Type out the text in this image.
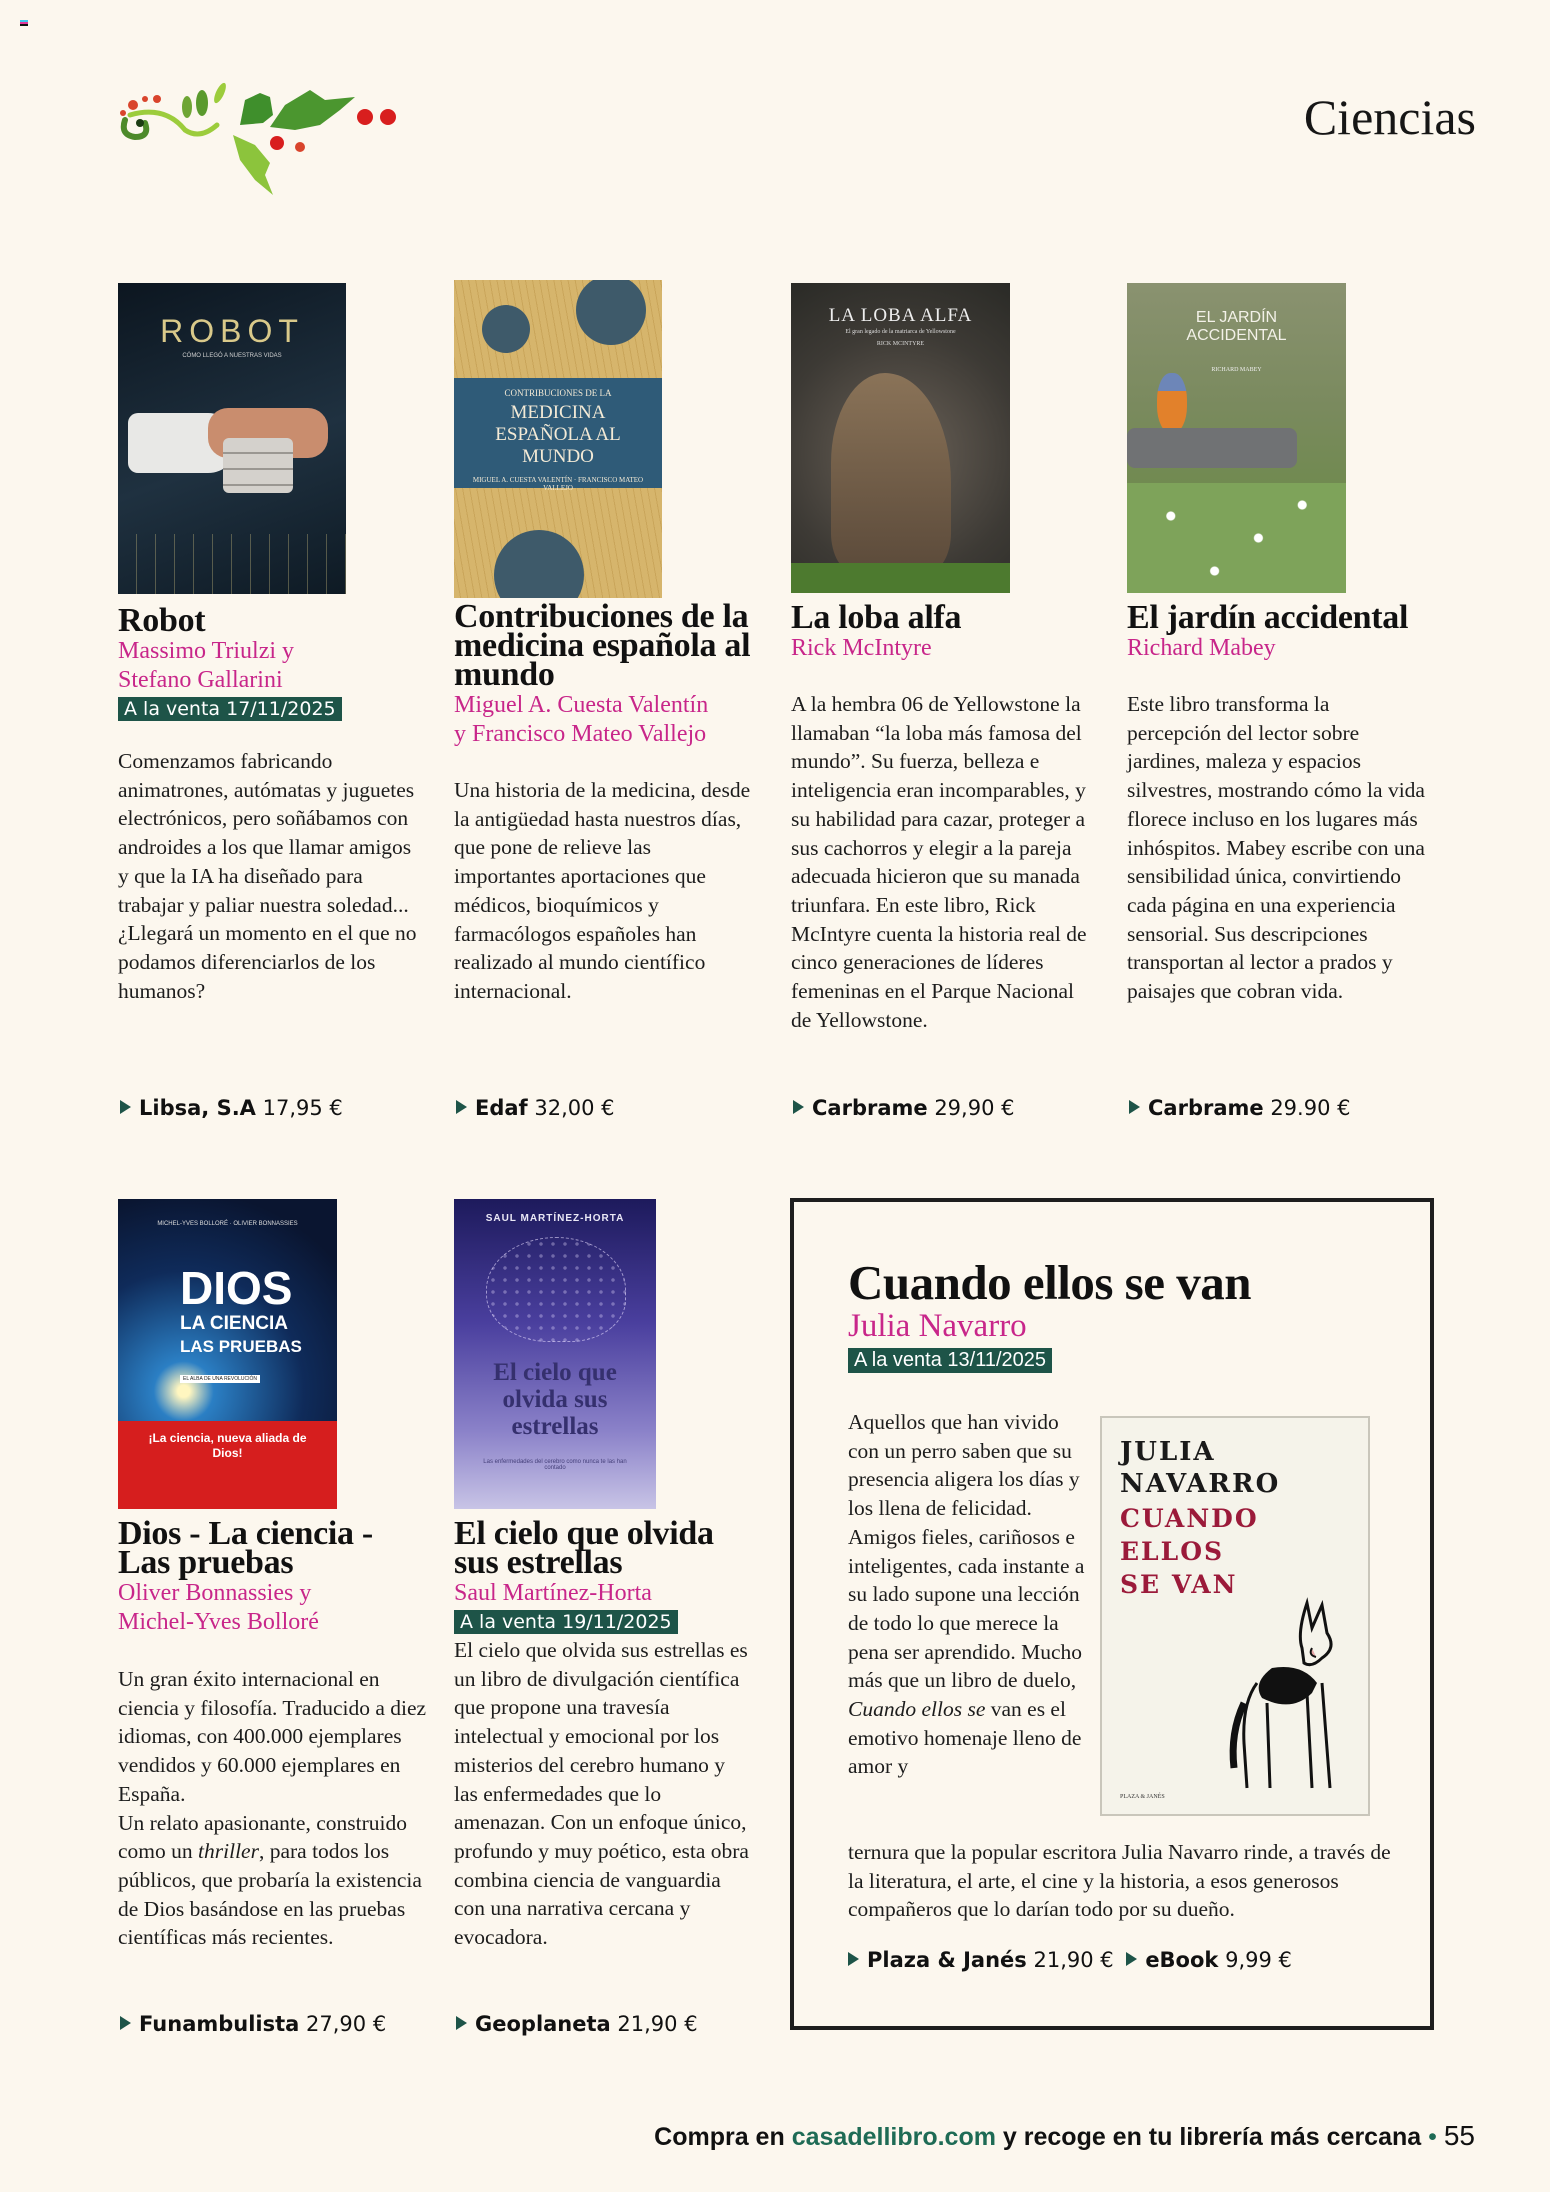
Ciencias
ROBOT
CÓMO LLEGÓ A NUESTRAS VIDAS
Robot
Massimo Triulzi y
Stefano Gallarini
A la venta 17/11/2025
Comenzamos fabricando animatrones, autómatas y juguetes electrónicos, pero soñábamos con androides a los que llamar amigos y que la IA ha diseñado para trabajar y paliar nuestra soledad... ¿Llegará un momento en el que no podamos diferenciarlos de los humanos?
Libsa, S.A 17,95 €
CONTRIBUCIONES DE LA
MEDICINA ESPAÑOLA AL MUNDO
MIGUEL A. CUESTA VALENTÍN · FRANCISCO MATEO VALLEJO
Contribuciones de la medicina española al mundo
Miguel A. Cuesta Valentín
y Francisco Mateo Vallejo
Una historia de la medicina, desde la antigüedad hasta nuestros días, que pone de relieve las importantes aportaciones que médicos, bioquímicos y farmacólogos españoles han realizado al mundo científico internacional.
Edaf 32,00 €
LA LOBA ALFA
El gran legado de la matriarca de Yellowstone
RICK MCINTYRE
La loba alfa
Rick McIntyre
A la hembra 06 de Yellowstone la llamaban “la loba más famosa del mundo”. Su fuerza, belleza e inteligencia eran incomparables, y su habilidad para cazar, proteger a sus cachorros y elegir a la pareja adecuada hicieron que su manada triunfara. En este libro, Rick McIntyre cuenta la historia real de cinco generaciones de líderes femeninas en el Parque Nacional de Yellowstone.
Carbrame 29,90 €
EL JARDÍN ACCIDENTAL
RICHARD MABEY
El jardín accidental
Richard Mabey
Este libro transforma la percepción del lector sobre jardines, maleza y espacios silvestres, mostrando cómo la vida florece incluso en los lugares más inhóspitos. Mabey escribe con una sensibilidad única, convirtiendo cada página en una experiencia sensorial. Sus descripciones transportan al lector a prados y paisajes que cobran vida.
Carbrame 29.90 €
MICHEL-YVES BOLLORÉ · OLIVIER BONNASSIES
DIOS
LA CIENCIA
LAS PRUEBAS
EL ALBA DE UNA REVOLUCIÓN
¡La ciencia, nueva aliada de Dios!
Dios - La ciencia - Las pruebas
Oliver Bonnassies y
Michel-Yves Bolloré
Un gran éxito internacional en ciencia y filosofía. Traducido a diez idiomas, con 400.000 ejemplares vendidos y 60.000 ejemplares en España.
Un relato apasionante, construido como un thriller, para todos los públicos, que probaría la existencia de Dios basándose en las pruebas científicas más recientes.
Funambulista 27,90 €
SAUL MARTÍNEZ-HORTA
El cielo que olvida sus estrellas
Las enfermedades del cerebro como nunca te las han contado
El cielo que olvida sus estrellas
Saul Martínez-Horta
A la venta 19/11/2025
El cielo que olvida sus estrellas es un libro de divulgación científica que propone una travesía intelectual y emocional por los misterios del cerebro humano y las enfermedades que lo amenazan. Con un enfoque único, profundo y muy poético, esta obra combina ciencia de vanguardia con una narrativa cercana y evocadora.
Geoplaneta 21,90 €
Cuando ellos se van
Julia Navarro
A la venta 13/11/2025
Aquellos que han vivido con un perro saben que su presencia aligera los días y los llena de felicidad. Amigos fieles, cariñosos e inteligentes, cada instante a su lado supone una lección de todo lo que merece la pena ser aprendido. Mucho más que un libro de duelo, Cuando ellos se van es el emotivo homenaje lleno de amor y
JULIA
NAVARRO
CUANDO
ELLOS
SE VAN
PLAZA & JANÉS
ternura que la popular escritora Julia Navarro rinde, a través de la literatura, el arte, el cine y la historia, a esos generosos compañeros que lo darían todo por su dueño.
Plaza & Janés 21,90 € eBook 9,99 €
Compra en casadellibro.com y recoge en tu librería más cercana • 55
